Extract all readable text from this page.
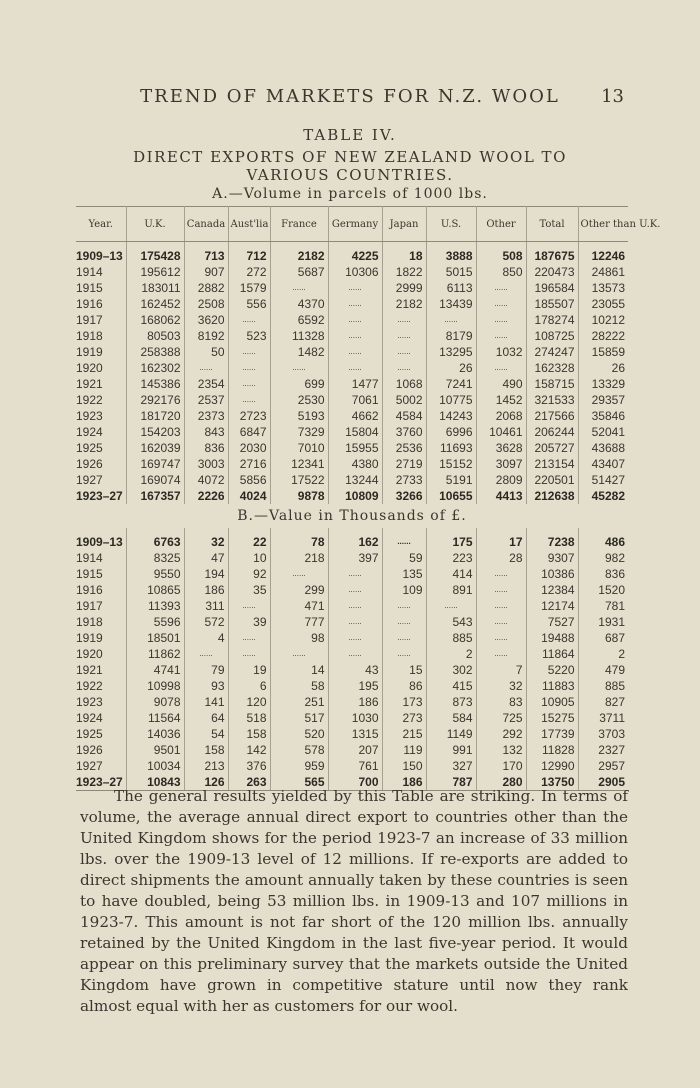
TREND OF MARKETS FOR N.Z. WOOL	13
TABLE IV.
DIRECT EXPORTS OF NEW ZEALAND WOOL TO VARIOUS COUNTRIES.
A.—Volume in parcels of 1000 lbs.
Year.	U.K.	Canada	Aust'lia	France	Germany	Japan	U.S.	Other	Total	Other than U.K.
1909–13	175428	713	712	2182	4225	18	3888	508	187675	12246
1914	195612	907	272	5687	10306	1822	5015	850	220473	24861
1915	183011	2882	1579	......	......	2999	6113	......	196584	13573
1916	162452	2508	556	4370	......	2182	13439	......	185507	23055
1917	168062	3620	......	6592	......	......	......	......	178274	10212
1918	80503	8192	523	11328	......	......	8179	......	108725	28222
1919	258388	50	......	1482	......	......	13295	1032	274247	15859
1920	162302	......	......	......	......	......	26	......	162328	26
1921	145386	2354	......	699	1477	1068	7241	490	158715	13329
1922	292176	2537	......	2530	7061	5002	10775	1452	321533	29357
1923	181720	2373	2723	5193	4662	4584	14243	2068	217566	35846
1924	154203	843	6847	7329	15804	3760	6996	10461	206244	52041
1925	162039	836	2030	7010	15955	2536	11693	3628	205727	43688
1926	169747	3003	2716	12341	4380	2719	15152	3097	213154	43407
1927	169074	4072	5856	17522	13244	2733	5191	2809	220501	51427
1923–27	167357	2226	4024	9878	10809	3266	10655	4413	212638	45282
B.—Value in Thousands of £.										
1909–13	6763	32	22	78	162	......	175	17	7238	486
1914	8325	47	10	218	397	59	223	28	9307	982
1915	9550	194	92	......	......	135	414	......	10386	836
1916	10865	186	35	299	......	109	891	......	12384	1520
1917	11393	311	......	471	......	......	......	......	12174	781
1918	5596	572	39	777	......	......	543	......	7527	1931
1919	18501	4	......	98	......	......	885	......	19488	687
1920	11862	......	......	......	......	......	2	......	11864	2
1921	4741	79	19	14	43	15	302	7	5220	479
1922	10998	93	6	58	195	86	415	32	11883	885
1923	9078	141	120	251	186	173	873	83	10905	827
1924	11564	64	518	517	1030	273	584	725	15275	3711
1925	14036	54	158	520	1315	215	1149	292	17739	3703
1926	9501	158	142	578	207	119	991	132	11828	2327
1927	10034	213	376	959	761	150	327	170	12990	2957
1923–27	10843	126	263	565	700	186	787	280	13750	2905

The general results yielded by this Table are striking. In terms of volume, the average annual direct export to countries other than the United Kingdom shows for the period 1923-7 an increase of 33 million lbs. over the 1909-13 level of 12 millions. If re-exports are added to direct shipments the amount annually taken by these countries is seen to have doubled, being 53 million lbs. in 1909-13 and 107 millions in 1923-7. This amount is not far short of the 120 million lbs. annually retained by the United Kingdom in the last five-year period. It would appear on this preliminary survey that the markets outside the United Kingdom have grown in competitive stature until now they rank almost equal with her as customers for our wool.
